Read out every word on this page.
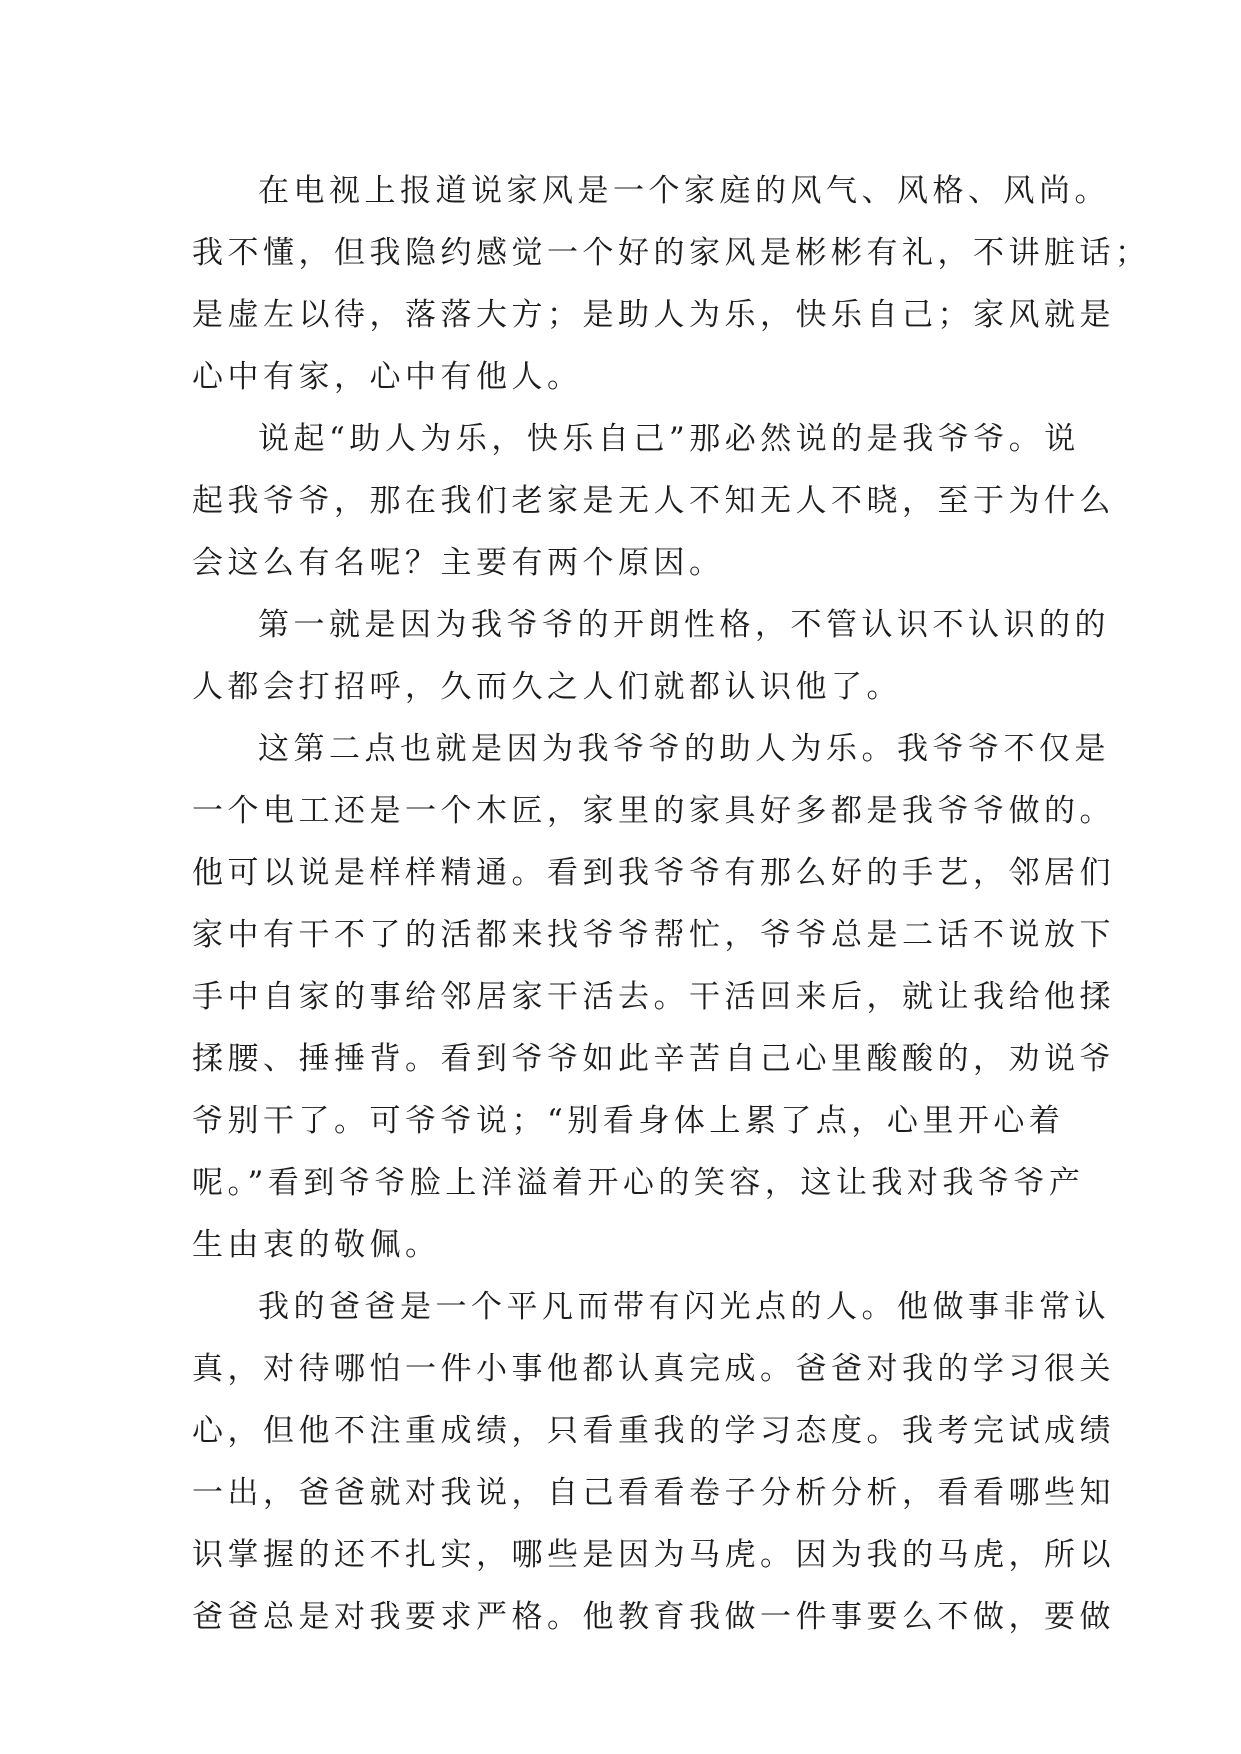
在电视上报道说家风是一个家庭的风气、风格、风尚。
我不懂，但我隐约感觉一个好的家风是彬彬有礼，不讲脏话；
是虚左以待，落落大方；是助人为乐，快乐自己；家风就是
心中有家，心中有他人。
说起“助人为乐，快乐自己”那必然说的是我爷爷。说
起我爷爷，那在我们老家是无人不知无人不晓，至于为什么
会这么有名呢？主要有两个原因。
第一就是因为我爷爷的开朗性格，不管认识不认识的的
人都会打招呼，久而久之人们就都认识他了。
这第二点也就是因为我爷爷的助人为乐。我爷爷不仅是
一个电工还是一个木匠，家里的家具好多都是我爷爷做的。
他可以说是样样精通。看到我爷爷有那么好的手艺，邻居们
家中有干不了的活都来找爷爷帮忙，爷爷总是二话不说放下
手中自家的事给邻居家干活去。干活回来后，就让我给他揉
揉腰、捶捶背。看到爷爷如此辛苦自己心里酸酸的，劝说爷
爷别干了。可爷爷说；“别看身体上累了点，心里开心着
呢。”看到爷爷脸上洋溢着开心的笑容，这让我对我爷爷产
生由衷的敬佩。
我的爸爸是一个平凡而带有闪光点的人。他做事非常认
真，对待哪怕一件小事他都认真完成。爸爸对我的学习很关
心，但他不注重成绩，只看重我的学习态度。我考完试成绩
一出，爸爸就对我说，自己看看卷子分析分析，看看哪些知
识掌握的还不扎实，哪些是因为马虎。因为我的马虎，所以
爸爸总是对我要求严格。他教育我做一件事要么不做，要做
